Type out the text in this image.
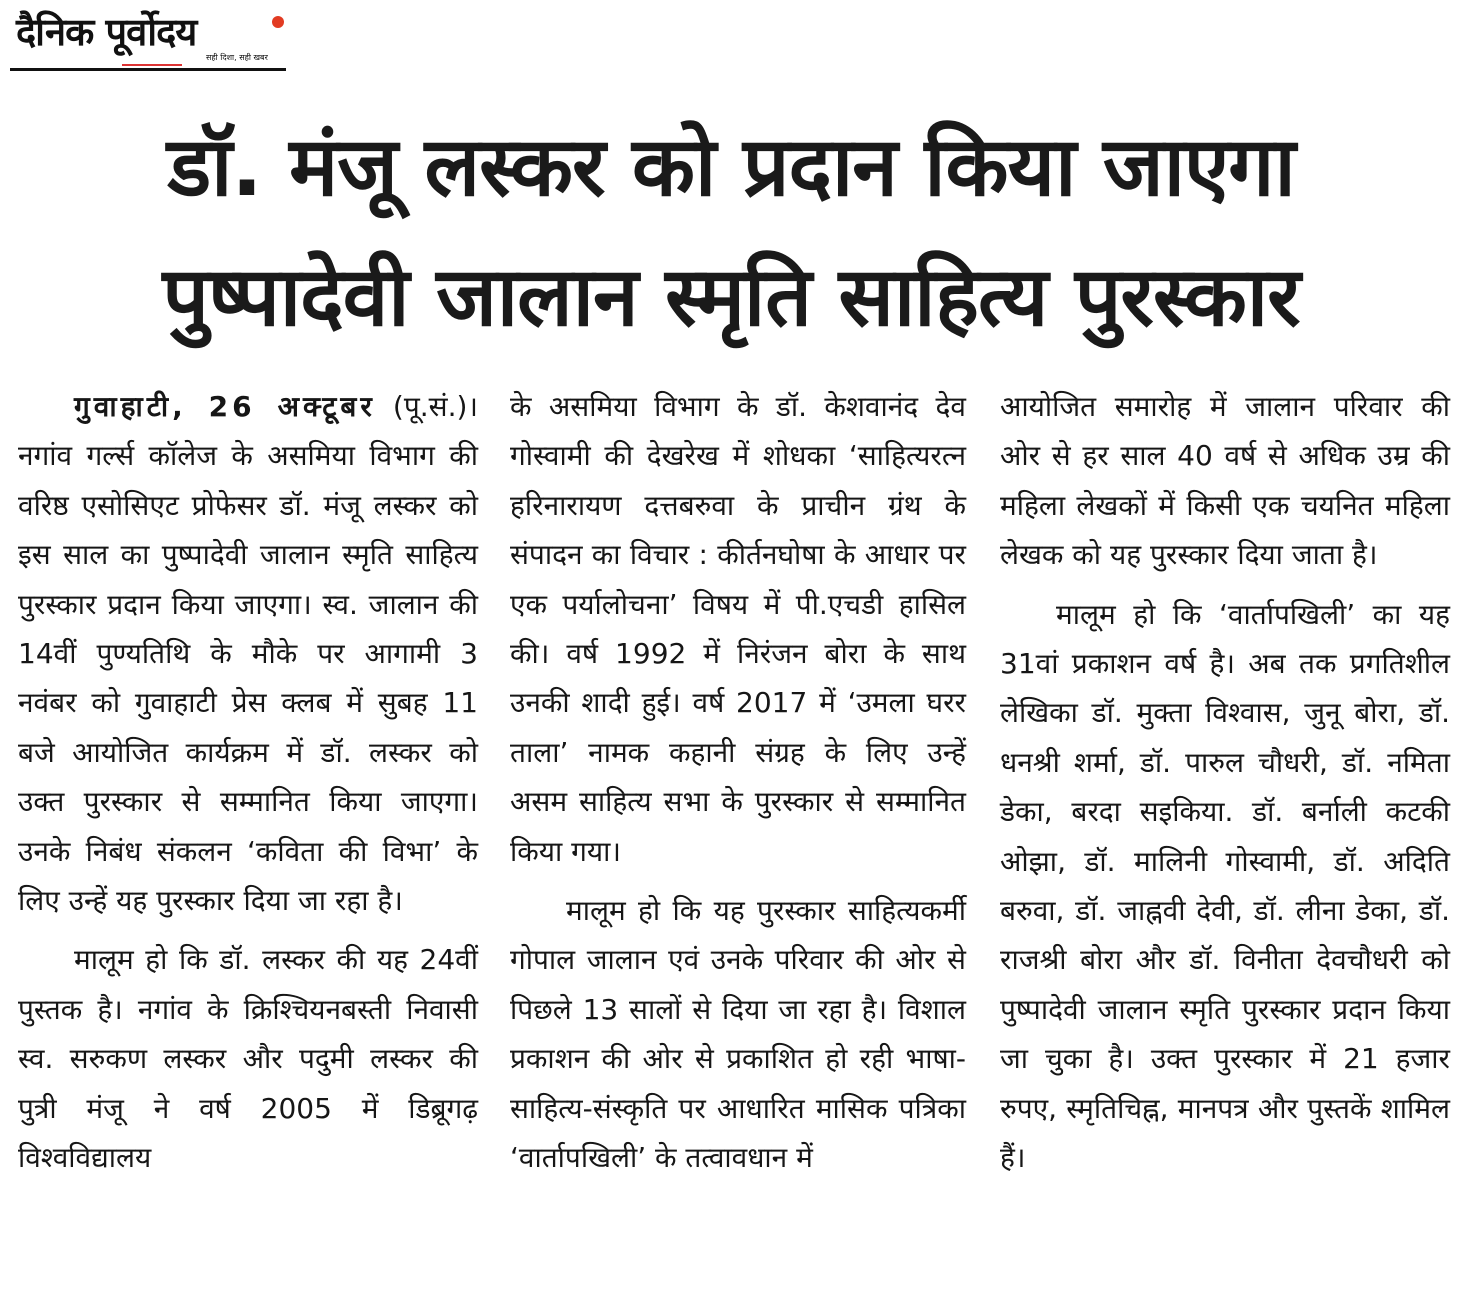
दैनिक पूर्वोदय
सही दिशा, सही खबर
डॉ. मंजू लस्कर को प्रदान किया जाएगा
पुष्पादेवी जालान स्मृति साहित्य पुरस्कार

गुवाहाटी, 26 अक्टूबर (पू.सं.)। नगांव गर्ल्स कॉलेज के असमिया विभाग की वरिष्ठ एसोसिएट प्रोफेसर डॉ. मंजू लस्कर को इस साल का पुष्पादेवी जालान स्मृति साहित्य पुरस्कार प्रदान किया जाएगा। स्व. जालान की 14वीं पुण्यतिथि के मौके पर आगामी 3 नवंबर को गुवाहाटी प्रेस क्लब में सुबह 11 बजे आयोजित कार्यक्रम में डॉ. लस्कर को उक्त पुरस्कार से सम्मानित किया जाएगा। उनके निबंध संकलन ‘कविता की विभा’ के लिए उन्हें यह पुरस्कार दिया जा रहा है।

मालूम हो कि डॉ. लस्कर की यह 24वीं पुस्तक है। नगांव के क्रिश्चियनबस्ती निवासी स्व. सरुकण लस्कर और पदुमी लस्कर की पुत्री मंजू ने वर्ष 2005 में डिब्रूगढ़ विश्वविद्यालय

के असमिया विभाग के डॉ. केशवानंद देव गोस्वामी की देखरेख में शोधका ‘साहित्यरत्न हरिनारायण दत्तबरुवा के प्राचीन ग्रंथ के संपादन का विचार : कीर्तनघोषा के आधार पर एक पर्यालोचना’ विषय में पी.एचडी हासिल की। वर्ष 1992 में निरंजन बोरा के साथ उनकी शादी हुई। वर्ष 2017 में ‘उमला घरर ताला’ नामक कहानी संग्रह के लिए उन्हें असम साहित्य सभा के पुरस्कार से सम्मानित किया गया।

मालूम हो कि यह पुरस्कार साहित्यकर्मी गोपाल जालान एवं उनके परिवार की ओर से पिछले 13 सालों से दिया जा रहा है। विशाल प्रकाशन की ओर से प्रकाशित हो रही भाषा-साहित्य-संस्कृति पर आधारित मासिक पत्रिका ‘वार्तापखिली’ के तत्वावधान में

आयोजित समारोह में जालान परिवार की ओर से हर साल 40 वर्ष से अधिक उम्र की महिला लेखकों में किसी एक चयनित महिला लेखक को यह पुरस्कार दिया जाता है।

मालूम हो कि ‘वार्तापखिली’ का यह 31वां प्रकाशन वर्ष है। अब तक प्रगतिशील लेखिका डॉ. मुक्ता विश्वास, जुनू बोरा, डॉ. धनश्री शर्मा, डॉ. पारुल चौधरी, डॉ. नमिता डेका, बरदा सइकिया. डॉ. बर्नाली कटकी ओझा, डॉ. मालिनी गोस्वामी, डॉ. अदिति बरुवा, डॉ. जाह्नवी देवी, डॉ. लीना डेका, डॉ. राजश्री बोरा और डॉ. विनीता देवचौधरी को पुष्पादेवी जालान स्मृति पुरस्कार प्रदान किया जा चुका है। उक्त पुरस्कार में 21 हजार रुपए, स्मृतिचिह्न, मानपत्र और पुस्तकें शामिल हैं।
